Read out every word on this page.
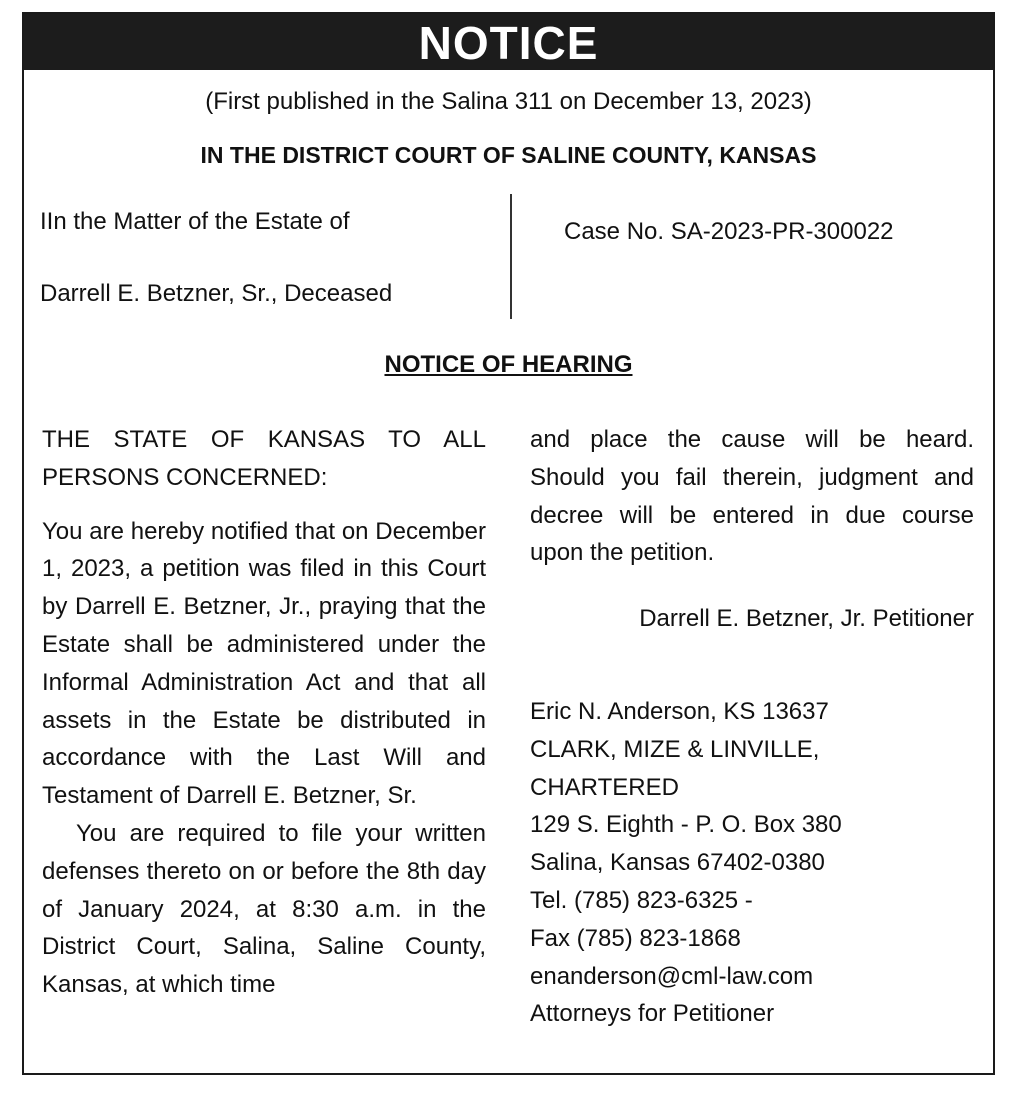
NOTICE
(First published in the Salina 311 on December 13, 2023)
IN THE DISTRICT COURT OF SALINE COUNTY, KANSAS
IIn the Matter of the Estate of
Darrell E. Betzner, Sr., Deceased
Case No. SA-2023-PR-300022
NOTICE OF HEARING

THE STATE OF KANSAS TO ALL PERSONS CONCERNED:

You are hereby notified that on December 1, 2023, a petition was filed in this Court by Darrell E. Betzner, Jr., praying that the Estate shall be administered under the Informal Administration Act and that all assets in the Estate be distributed in accordance with the Last Will and Testament of Darrell E. Betzner, Sr.

You are required to file your written defenses thereto on or before the 8th day of January 2024, at 8:30 a.m. in the District Court, Salina, Saline County, Kansas, at which time

and place the cause will be heard. Should you fail therein, judgment and decree will be entered in due course upon the petition.

Darrell E. Betzner, Jr. Petitioner
Eric N. Anderson, KS 13637
CLARK, MIZE & LINVILLE,
CHARTERED
129 S. Eighth - P. O. Box 380
Salina, Kansas 67402-0380
Tel. (785) 823-6325 -
Fax (785) 823-1868
enanderson@cml-law.com
Attorneys for Petitioner
